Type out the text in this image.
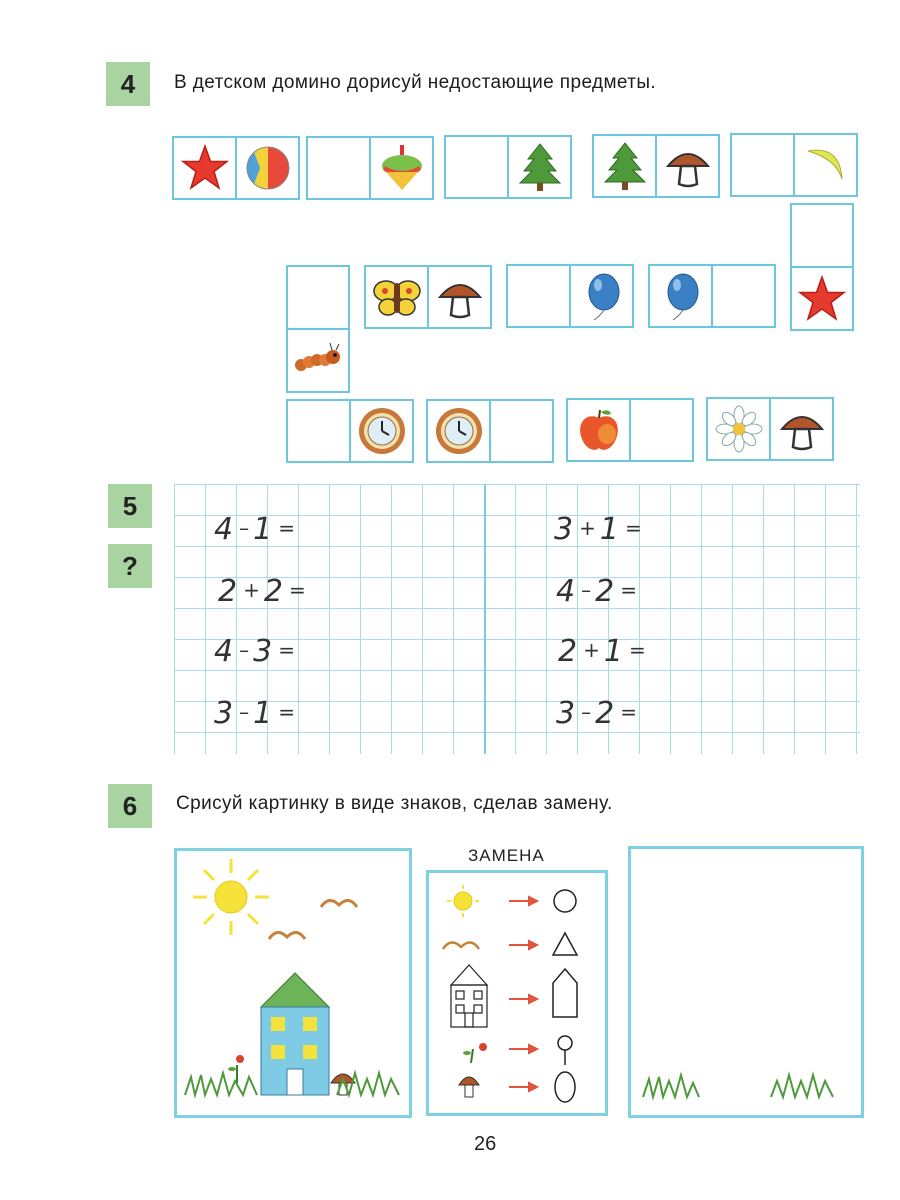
4	В детском домино дорисуй недостающие предметы.
5
?
4–1=
2+2=
4–3=
3–1=
3+1=
4–2=
2+1=
3–2=
6	Срисуй картинку в виде знаков, сделав замену.
ЗАМЕНА
26
